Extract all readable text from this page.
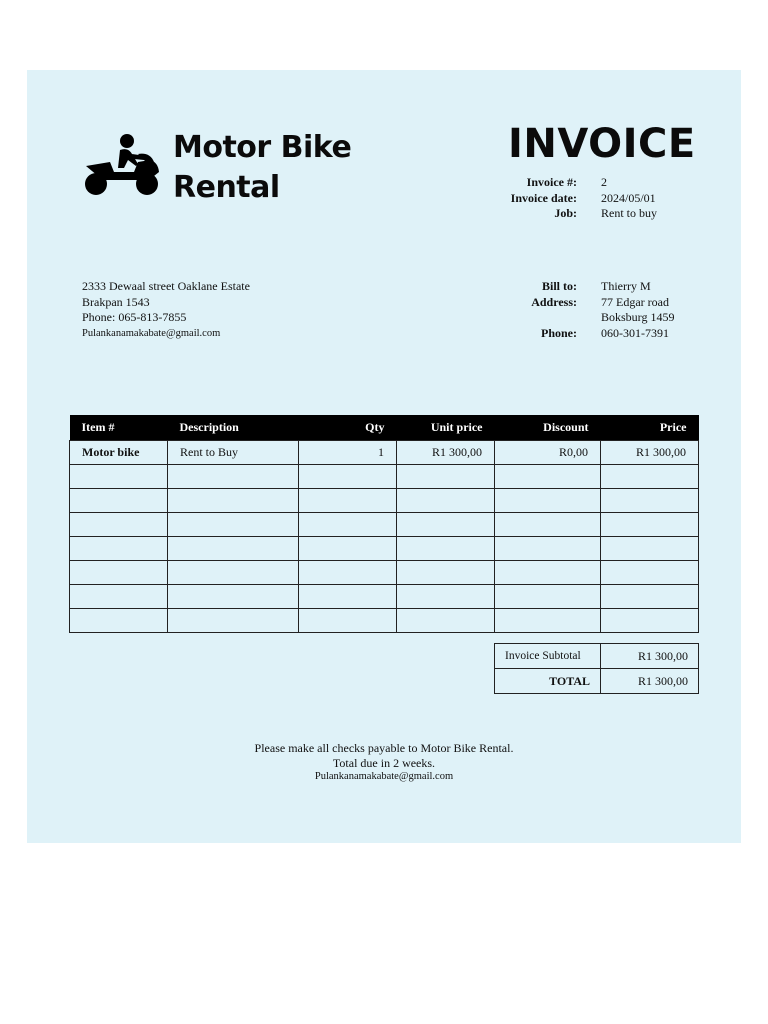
Motor Bike
Rental
INVOICE
Invoice #:	2
Invoice date:	2024/05/01
Job:	Rent to buy
2333 Dewaal street Oaklane Estate
Brakpan 1543
Phone: 065-813-7855
Pulankanamakabate@gmail.com
Bill to:	Thierry M
Address:	77 Edgar road
Boksburg 1459
Phone:	060-301-7391
Item #	Description	Qty	Unit price	Discount	Price
Motor bike	Rent to Buy	1	R1 300,00	R0,00	R1 300,00

Invoice Subtotal	R1 300,00
TOTAL	R1 300,00
Please make all checks payable to Motor Bike Rental.
Total due in 2 weeks.
Pulankanamakabate@gmail.com
